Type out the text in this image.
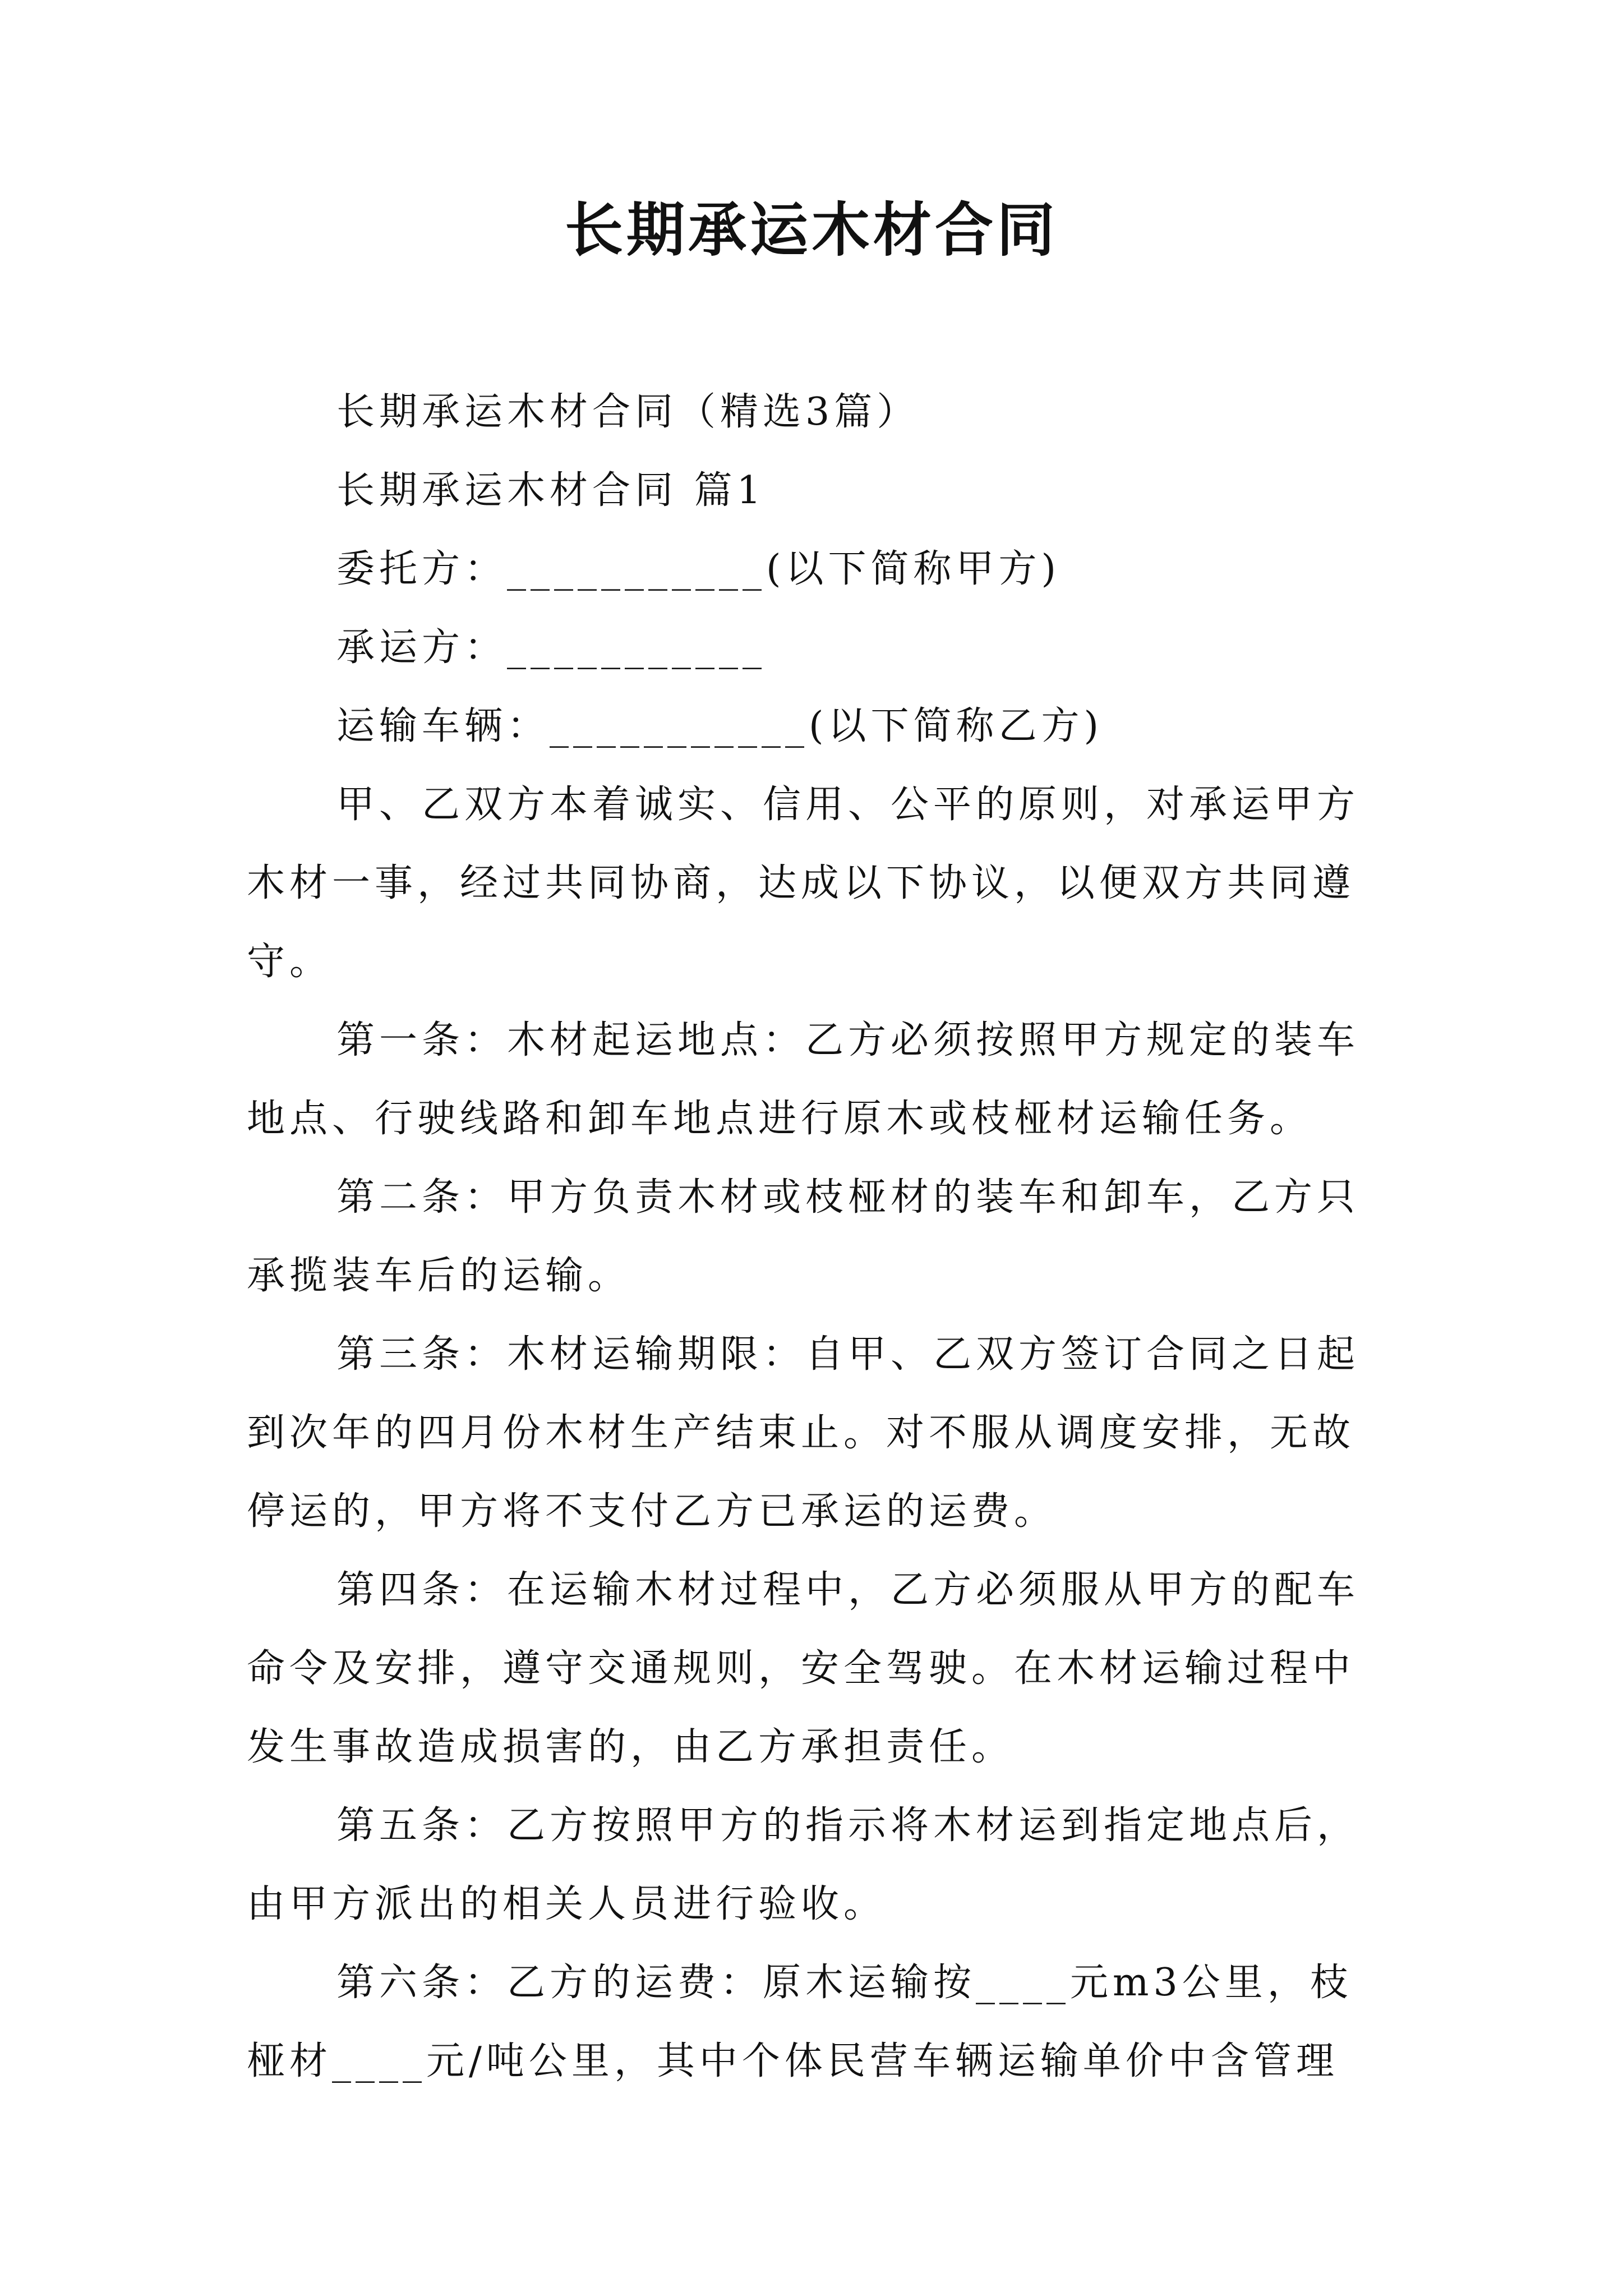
长期承运木材合同

长期承运木材合同（精选3篇）

长期承运木材合同 篇1

委托方：___________(以下简称甲方)

承运方：___________

运输车辆：___________(以下简称乙方)

甲、乙双方本着诚实、信用、公平的原则，对承运甲方木材一事，经过共同协商，达成以下协议，以便双方共同遵守。

第一条：木材起运地点：乙方必须按照甲方规定的装车地点、行驶线路和卸车地点进行原木或枝桠材运输任务。

第二条：甲方负责木材或枝桠材的装车和卸车，乙方只承揽装车后的运输。

第三条：木材运输期限：自甲、乙双方签订合同之日起到次年的四月份木材生产结束止。对不服从调度安排，无故停运的，甲方将不支付乙方已承运的运费。

第四条：在运输木材过程中，乙方必须服从甲方的配车命令及安排，遵守交通规则，安全驾驶。在木材运输过程中发生事故造成损害的，由乙方承担责任。

第五条：乙方按照甲方的指示将木材运到指定地点后，由甲方派出的相关人员进行验收。

第六条：乙方的运费：原木运输按____元m3公里，枝桠材____元/吨公里，其中个体民营车辆运输单价中含管理
